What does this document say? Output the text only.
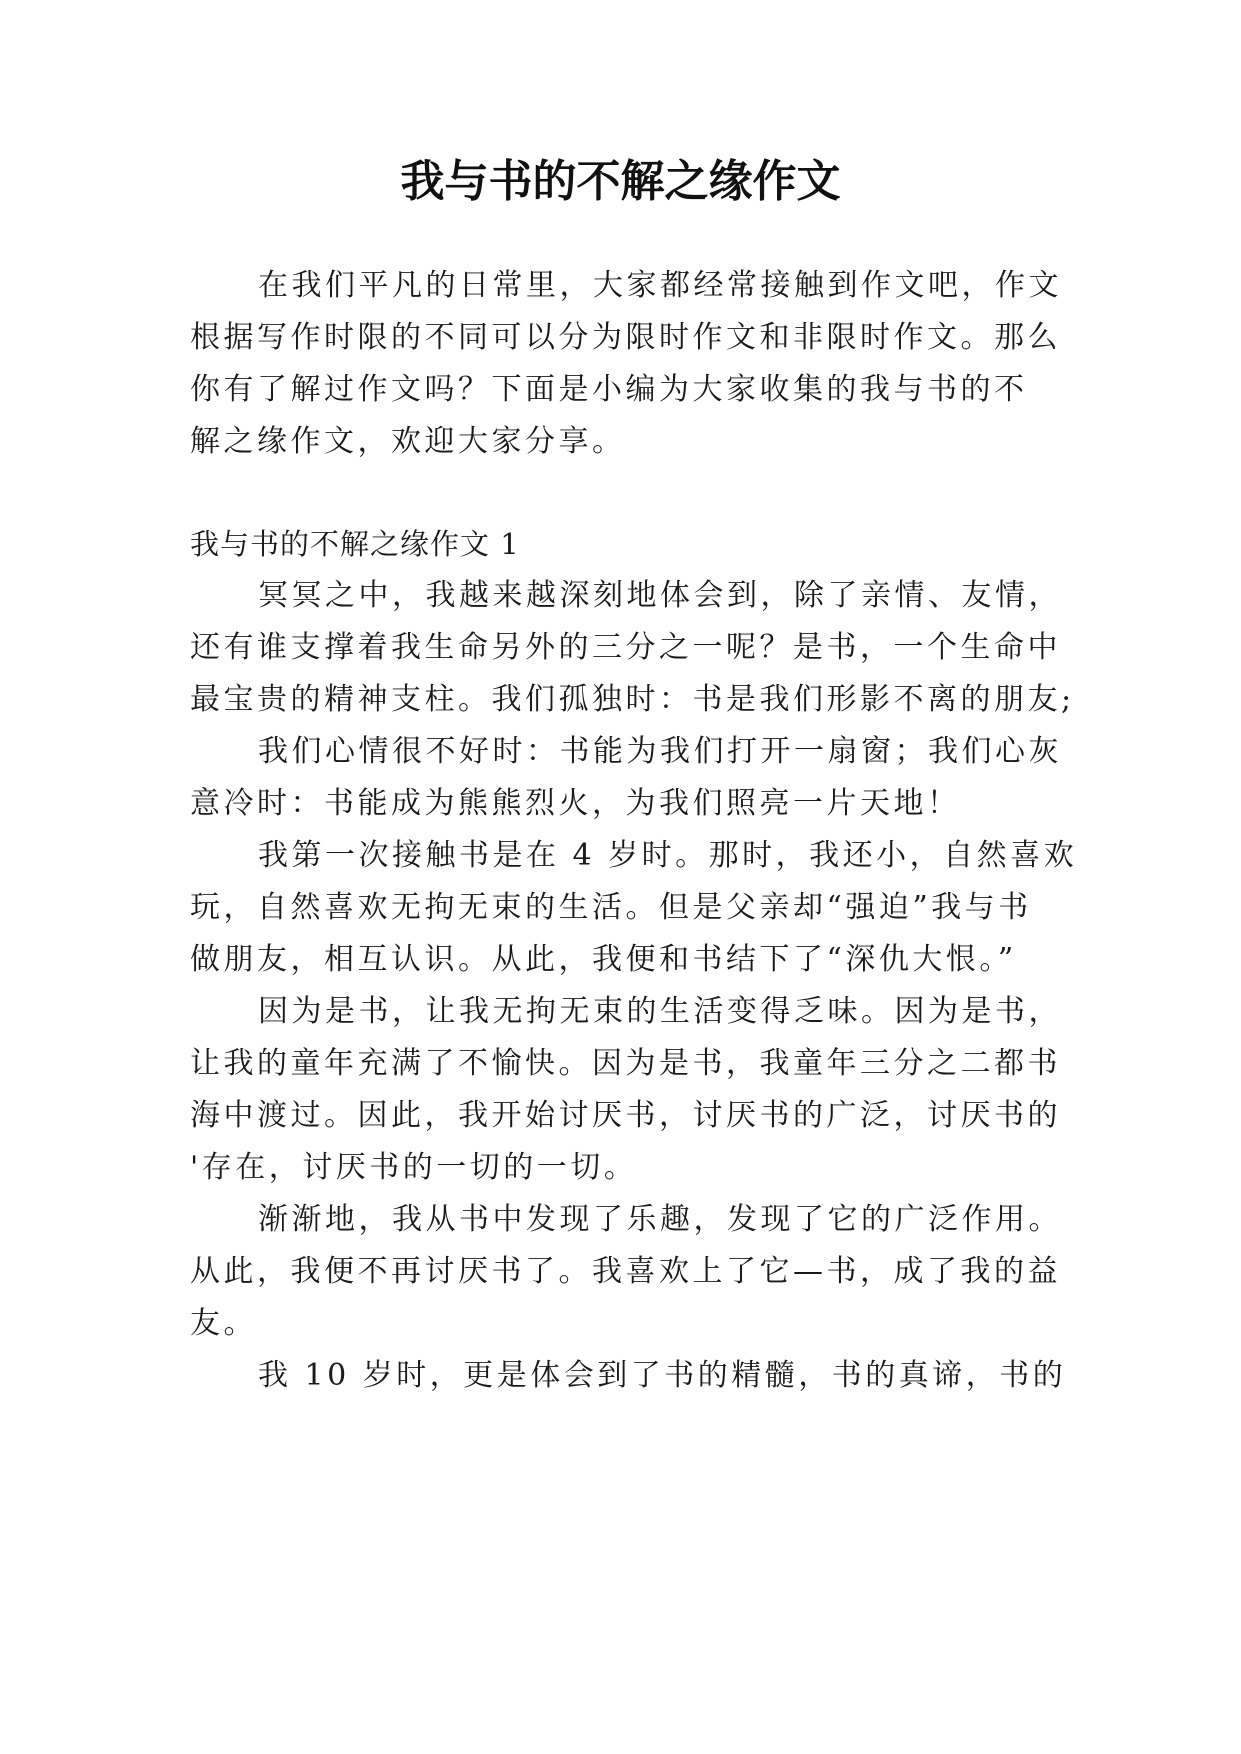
我与书的不解之缘作文

在我们平凡的日常里，大家都经常接触到作文吧，作文

根据写作时限的不同可以分为限时作文和非限时作文。那么

你有了解过作文吗？下面是小编为大家收集的我与书的不

解之缘作文，欢迎大家分享。

我与书的不解之缘作文 1

冥冥之中，我越来越深刻地体会到，除了亲情、友情，

还有谁支撑着我生命另外的三分之一呢？是书，一个生命中

最宝贵的精神支柱。我们孤独时：书是我们形影不离的朋友;

我们心情很不好时：书能为我们打开一扇窗；我们心灰

意冷时：书能成为熊熊烈火，为我们照亮一片天地！

我第一次接触书是在 4 岁时。那时，我还小，自然喜欢

玩，自然喜欢无拘无束的生活。但是父亲却“强迫”我与书

做朋友，相互认识。从此，我便和书结下了“深仇大恨。”

因为是书，让我无拘无束的生活变得乏味。因为是书，

让我的童年充满了不愉快。因为是书，我童年三分之二都书

海中渡过。因此，我开始讨厌书，讨厌书的广泛，讨厌书的

'存在，讨厌书的一切的一切。

渐渐地，我从书中发现了乐趣，发现了它的广泛作用。

从此，我便不再讨厌书了。我喜欢上了它—书，成了我的益

友。

我 10 岁时，更是体会到了书的精髓，书的真谛，书的
